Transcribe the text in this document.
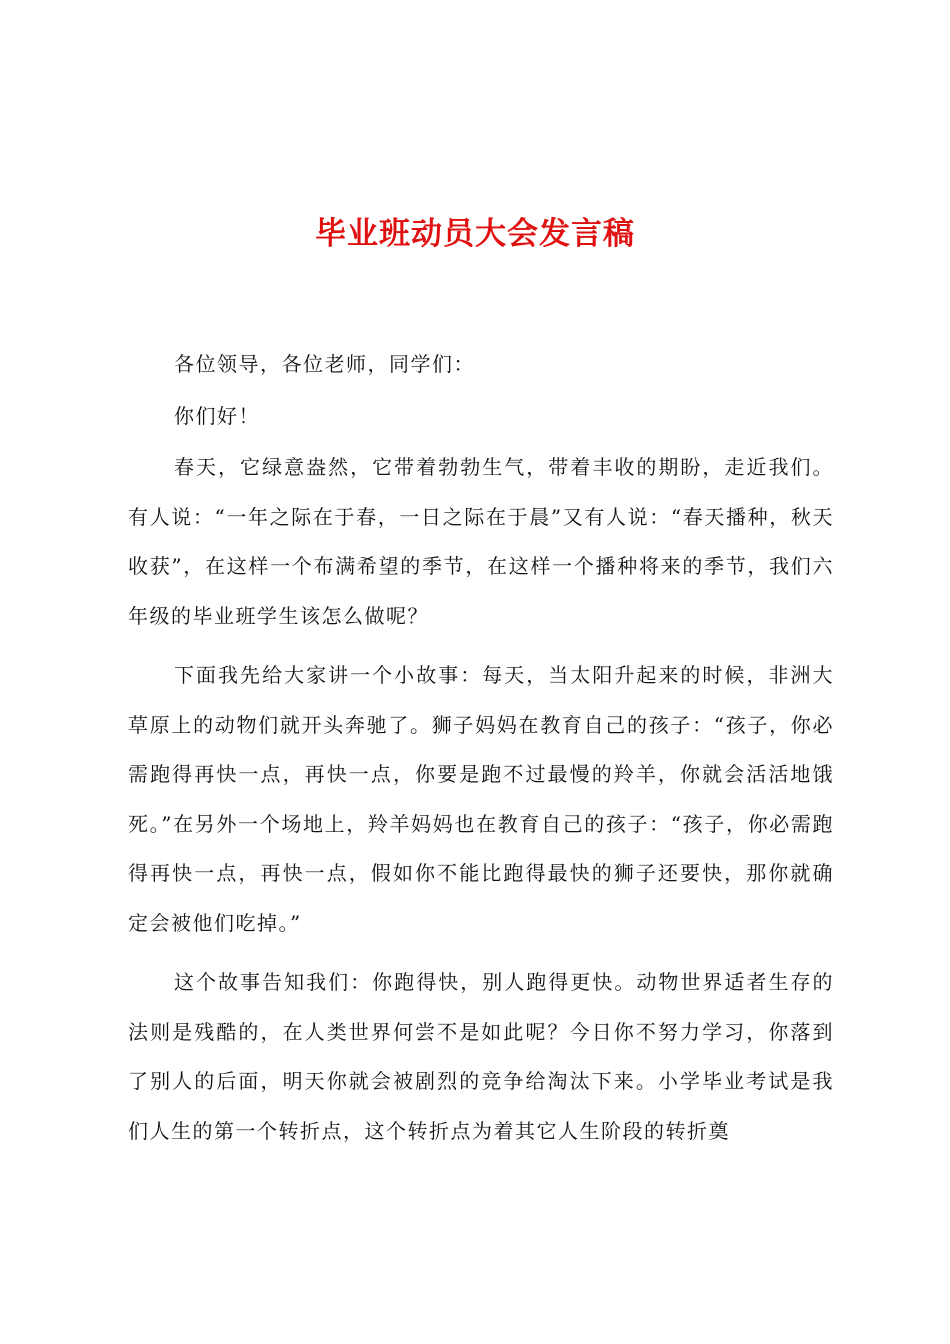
毕业班动员大会发言稿

各位领导，各位老师，同学们：

你们好！

春天，它绿意盎然，它带着勃勃生气，带着丰收的期盼，走近我们。有人说：“一年之际在于春，一日之际在于晨”又有人说：“春天播种，秋天收获”，在这样一个布满希望的季节，在这样一个播种将来的季节，我们六年级的毕业班学生该怎么做呢？

下面我先给大家讲一个小故事：每天，当太阳升起来的时候，非洲大草原上的动物们就开头奔驰了。狮子妈妈在教育自己的孩子：“孩子，你必需跑得再快一点，再快一点，你要是跑不过最慢的羚羊，你就会活活地饿死。”在另外一个场地上，羚羊妈妈也在教育自己的孩子：“孩子，你必需跑得再快一点，再快一点，假如你不能比跑得最快的狮子还要快，那你就确定会被他们吃掉。”

这个故事告知我们：你跑得快，别人跑得更快。动物世界适者生存的法则是残酷的，在人类世界何尝不是如此呢？今日你不努力学习，你落到了别人的后面，明天你就会被剧烈的竞争给淘汰下来。小学毕业考试是我们人生的第一个转折点，这个转折点为着其它人生阶段的转折奠
